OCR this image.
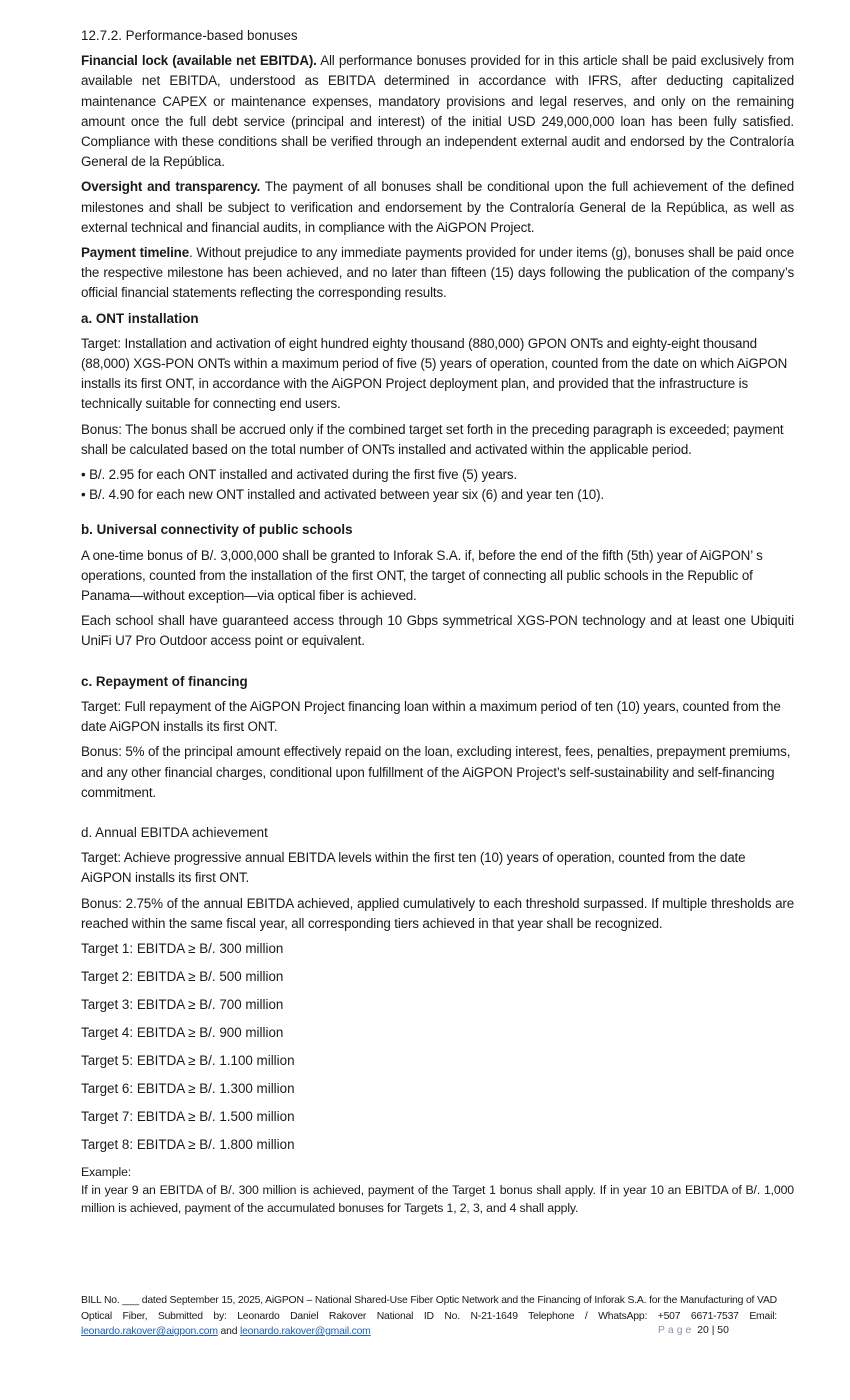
12.7.2. Performance-based bonuses

Financial lock (available net EBITDA). All performance bonuses provided for in this article shall be paid exclusively from available net EBITDA, understood as EBITDA determined in accordance with IFRS, after deducting capitalized maintenance CAPEX or maintenance expenses, mandatory provisions and legal reserves, and only on the remaining amount once the full debt service (principal and interest) of the initial USD 249,000,000 loan has been fully satisfied. Compliance with these conditions shall be verified through an independent external audit and endorsed by the Contraloría General de la República.

Oversight and transparency. The payment of all bonuses shall be conditional upon the full achievement of the defined milestones and shall be subject to verification and endorsement by the Contraloría General de la República, as well as external technical and financial audits, in compliance with the AiGPON Project.

Payment timeline. Without prejudice to any immediate payments provided for under items (g), bonuses shall be paid once the respective milestone has been achieved, and no later than fifteen (15) days following the publication of the company’s official financial statements reflecting the corresponding results.

a. ONT installation

Target: Installation and activation of eight hundred eighty thousand (880,000) GPON ONTs and eighty-eight thousand (88,000) XGS-PON ONTs within a maximum period of five (5) years of operation, counted from the date on which AiGPON installs its first ONT, in accordance with the AiGPON Project deployment plan, and provided that the infrastructure is technically suitable for connecting end users.

Bonus: The bonus shall be accrued only if the combined target set forth in the preceding paragraph is exceeded; payment shall be calculated based on the total number of ONTs installed and activated within the applicable period.

• B/. 2.95 for each ONT installed and activated during the first five (5) years.

• B/. 4.90 for each new ONT installed and activated between year six (6) and year ten (10).

b. Universal connectivity of public schools

A one-time bonus of B/. 3,000,000 shall be granted to Inforak S.A. if, before the end of the fifth (5th) year of AiGPON’ s operations, counted from the installation of the first ONT, the target of connecting all public schools in the Republic of Panama—without exception—via optical fiber is achieved.

Each school shall have guaranteed access through 10 Gbps symmetrical XGS-PON technology and at least one Ubiquiti UniFi U7 Pro Outdoor access point or equivalent.

c. Repayment of financing

Target: Full repayment of the AiGPON Project financing loan within a maximum period of ten (10) years, counted from the date AiGPON installs its first ONT.

Bonus: 5% of the principal amount effectively repaid on the loan, excluding interest, fees, penalties, prepayment premiums, and any other financial charges, conditional upon fulfillment of the AiGPON Project’s self-sustainability and self-financing commitment.

d. Annual EBITDA achievement

Target: Achieve progressive annual EBITDA levels within the first ten (10) years of operation, counted from the date AiGPON installs its first ONT.

Bonus: 2.75% of the annual EBITDA achieved, applied cumulatively to each threshold surpassed. If multiple thresholds are reached within the same fiscal year, all corresponding tiers achieved in that year shall be recognized.

Target 1: EBITDA ≥ B/. 300 million

Target 2: EBITDA ≥ B/. 500 million

Target 3: EBITDA ≥ B/. 700 million

Target 4: EBITDA ≥ B/. 900 million

Target 5: EBITDA ≥ B/. 1.100 million

Target 6: EBITDA ≥ B/. 1.300 million

Target 7: EBITDA ≥ B/. 1.500 million

Target 8: EBITDA ≥ B/. 1.800 million

Example:

If in year 9 an EBITDA of B/. 300 million is achieved, payment of the Target 1 bonus shall apply. If in year 10 an EBITDA of B/. 1,000 million is achieved, payment of the accumulated bonuses for Targets 1, 2, 3, and 4 shall apply.

BILL No. ___ dated September 15, 2025, AiGPON – National Shared-Use Fiber Optic Network and the Financing of Inforak S.A. for the Manufacturing of VAD Optical Fiber, Submitted by: Leonardo Daniel Rakover National ID No. N-21-1649 Telephone / WhatsApp: +507 6671-7537 Email: leonardo.rakover@aigpon.com and leonardo.rakover@gmail.com	Page 20 | 50
